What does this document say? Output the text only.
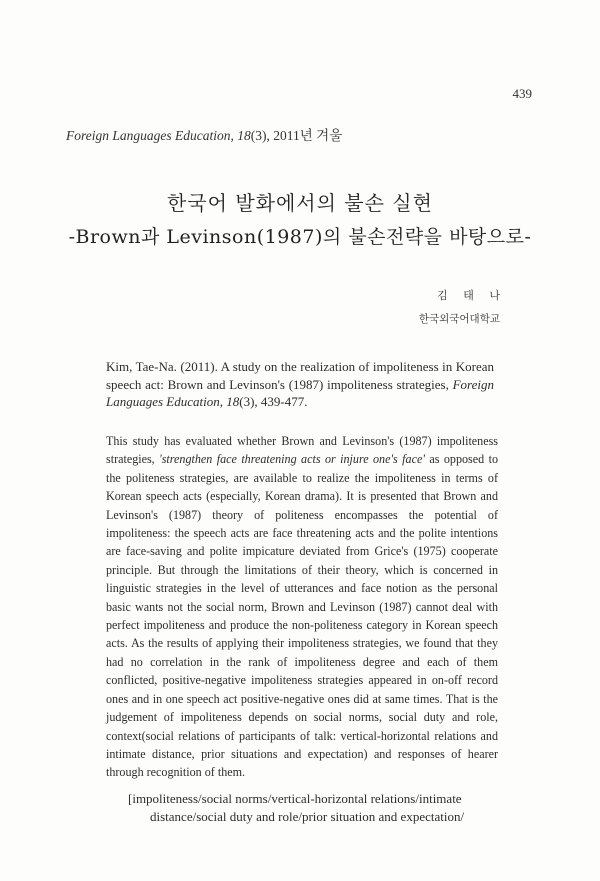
439
Foreign Languages Education, 18(3), 2011년 겨울
한국어 발화에서의 불손 실현
-Brown과 Levinson(1987)의 불손전략을 바탕으로-
김 태 나
한국외국어대학교
Kim, Tae-Na. (2011). A study on the realization of impoliteness in Korean speech act: Brown and Levinson's (1987) impoliteness strategies, Foreign Languages Education, 18(3), 439-477.
This study has evaluated whether Brown and Levinson's (1987) impoliteness strategies, 'strengthen face threatening acts or injure one's face' as opposed to the politeness strategies, are available to realize the impoliteness in terms of Korean speech acts (especially, Korean drama). It is presented that Brown and Levinson's (1987) theory of politeness encompasses the potential of impoliteness: the speech acts are face threatening acts and the polite intentions are face-saving and polite impicature deviated from Grice's (1975) cooperate principle. But through the limitations of their theory, which is concerned in linguistic strategies in the level of utterances and face notion as the personal basic wants not the social norm, Brown and Levinson (1987) cannot deal with perfect impoliteness and produce the non-politeness category in Korean speech acts. As the results of applying their impoliteness strategies, we found that they had no correlation in the rank of impoliteness degree and each of them conflicted, positive-negative impoliteness strategies appeared in on-off record ones and in one speech act positive-negative ones did at same times. That is the judgement of impoliteness depends on social norms, social duty and role, context(social relations of participants of talk: vertical-horizontal relations and intimate distance, prior situations and expectation) and responses of hearer through recognition of them.
[impoliteness/social norms/vertical-horizontal relations/intimate
distance/social duty and role/prior situation and expectation/
